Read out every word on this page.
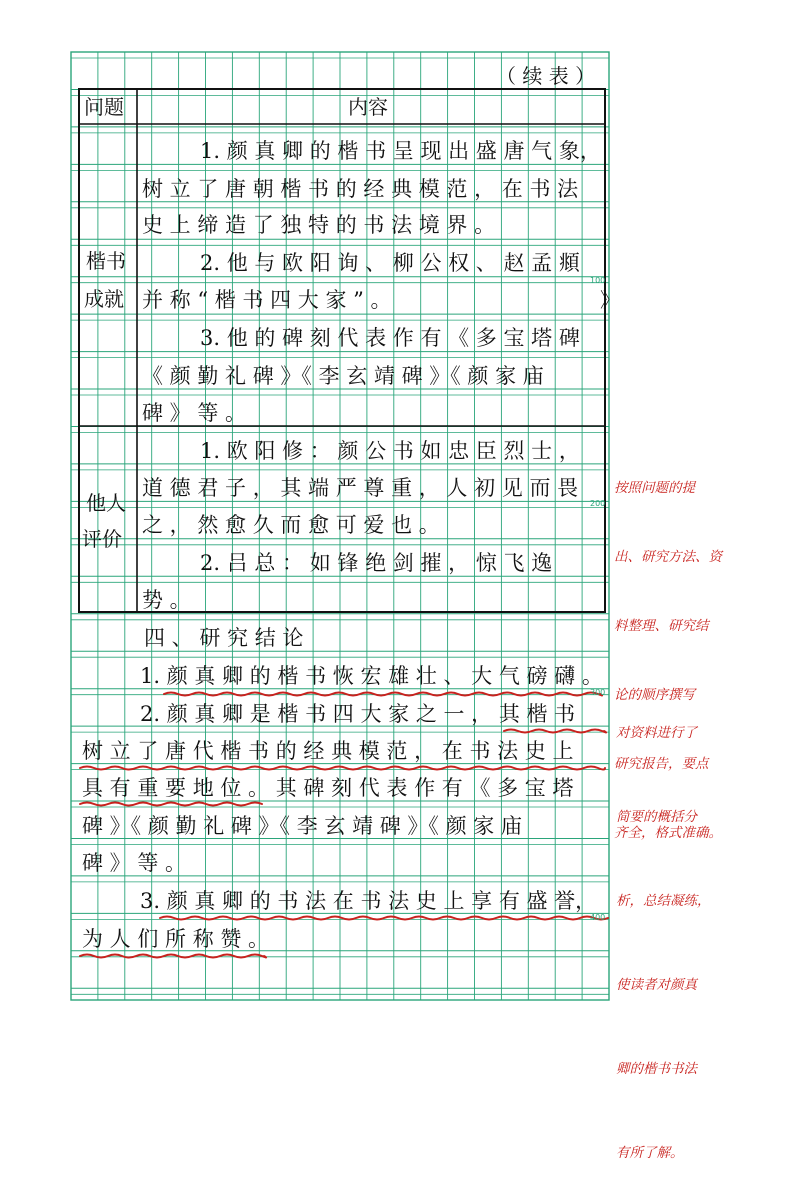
（ 续 表 ）
问题	内容
楷书
成就
他人
评价
1. 颜 真 卿 的 楷 书 呈 现 出 盛 唐 气 象，
树 立 了 唐 朝 楷 书 的 经 典 模 范 ， 在 书 法
史 上 缔 造 了 独 特 的 书 法 境 界 。
2. 他 与 欧 阳 询 、 柳 公 权 、 赵 孟 頫
并 称 “ 楷 书 四 大 家 ” 。
3. 他 的 碑 刻 代 表 作 有 《 多 宝 塔 碑
《 颜 勤 礼 碑 》《 李 玄 靖 碑 》《 颜 家 庙
碑 》 等 。
1. 欧 阳 修 ： 颜 公 书 如 忠 臣 烈 士 ，
道 德 君 子 ， 其 端 严 尊 重 ， 人 初 见 而 畏
之 ， 然 愈 久 而 愈 可 爱 也 。
2. 吕 总 ： 如 锋 绝 剑 摧 ， 惊 飞 逸
势 。
四 、 研 究 结 论
1. 颜 真 卿 的 楷 书 恢 宏 雄 壮 、 大 气 磅 礴 。
2. 颜 真 卿 是 楷 书 四 大 家 之 一 ， 其 楷 书
树 立 了 唐 代 楷 书 的 经 典 模 范 ， 在 书 法 史 上
具 有 重 要 地 位 。 其 碑 刻 代 表 作 有 《 多 宝 塔
碑 》《 颜 勤 礼 碑 》《 李 玄 靖 碑 》《 颜 家 庙
碑 》 等 。
3. 颜 真 卿 的 书 法 在 书 法 史 上 享 有 盛 誉，
为 人 们 所 称 赞 。
》
100
200
300
400

按照问题的提

出、研究方法、资

料整理、研究结

论的顺序撰写

研究报告，要点

齐全，格式准确。

对资料进行了

简要的概括分

析，总结凝练，

使读者对颜真

卿的楷书书法

有所了解。
